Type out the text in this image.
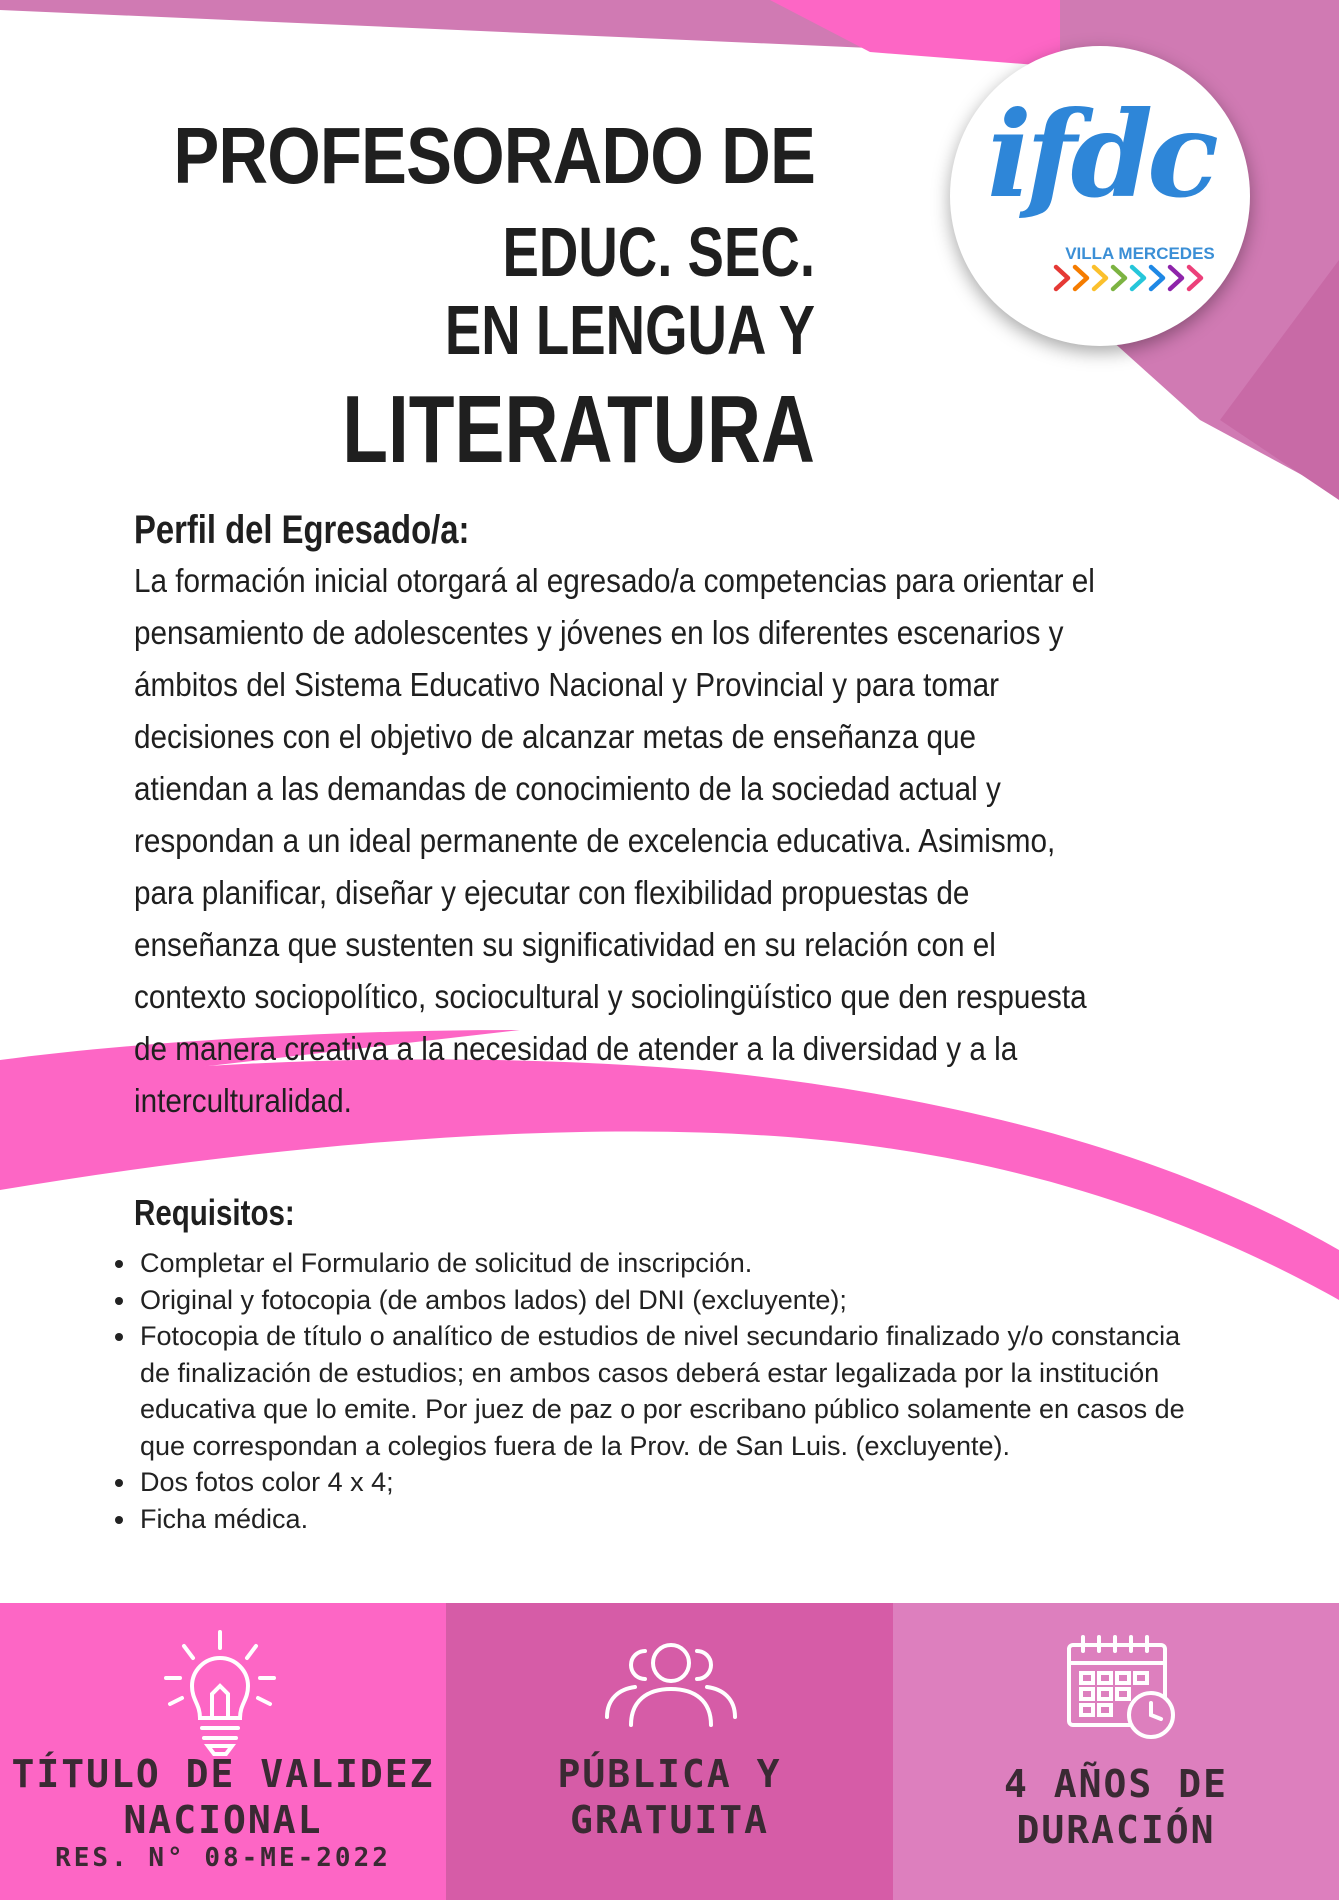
PROFESORADO DE
EDUC. SEC.
EN LENGUA Y
LITERATURA
ifdc
VILLA MERCEDES
Perfil del Egresado/a:

La formación inicial otorgará al egresado/a competencias para orientar el pensamiento de adolescentes y jóvenes en los diferentes escenarios y ámbitos del Sistema Educativo Nacional y Provincial y para tomar decisiones con el objetivo de alcanzar metas de enseñanza que atiendan a las demandas de conocimiento de la sociedad actual y respondan a un ideal permanente de excelencia educativa. Asimismo, para planificar, diseñar y ejecutar con flexibilidad propuestas de enseñanza que sustenten su significatividad en su relación con el contexto sociopolítico, sociocultural y sociolingüístico que den respuesta de manera creativa a la necesidad de atender a la diversidad y a la interculturalidad.

Requisitos:
• Completar el Formulario de solicitud de inscripción.
• Original y fotocopia (de ambos lados) del DNI (excluyente);
• Fotocopia de título o analítico de estudios de nivel secundario finalizado y/o constancia de finalización de estudios; en ambos casos deberá estar legalizada por la institución educativa que lo emite. Por juez de paz o por escribano público solamente en casos de que correspondan a colegios fuera de la Prov. de San Luis. (excluyente).
• Dos fotos color 4 x 4;
• Ficha médica.
TÍTULO DE VALIDEZ
NACIONAL
RES. N° 08-ME-2022
PÚBLICA Y GRATUITA
4 AÑOS DE
DURACIÓN
